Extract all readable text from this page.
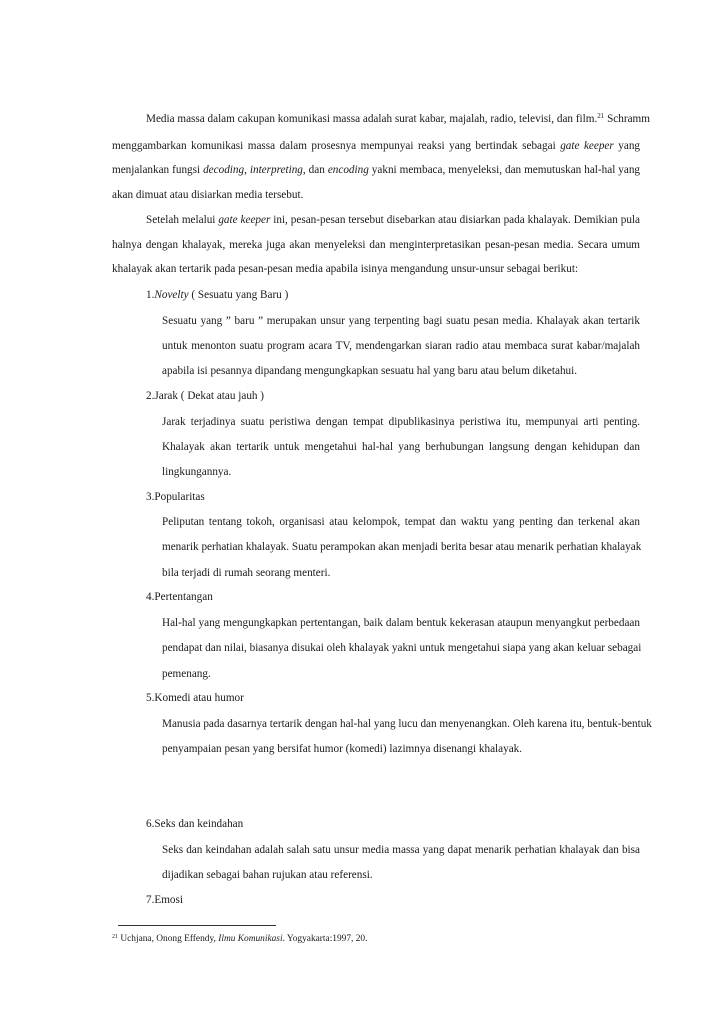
Media massa dalam cakupan komunikasi massa adalah surat kabar, majalah, radio, televisi, dan film.$^{21}$ Schramm
menggambarkan komunikasi massa dalam prosesnya mempunyai reaksi yang bertindak sebagai gate keeper yang
menjalankan fungsi decoding, interpreting, dan encoding yakni membaca, menyeleksi, dan memutuskan hal-hal yang
akan dimuat atau disiarkan media tersebut.
Setelah melalui gate keeper ini, pesan-pesan tersebut disebarkan atau disiarkan pada khalayak. Demikian pula
halnya dengan khalayak, mereka juga akan menyeleksi dan menginterpretasikan pesan-pesan media. Secara umum
khalayak akan tertarik pada pesan-pesan media apabila isinya mengandung unsur-unsur sebagai berikut:
1.Novelty ( Sesuatu yang Baru )
Sesuatu yang ” baru ” merupakan unsur yang terpenting bagi suatu pesan media. Khalayak akan tertarik
untuk menonton suatu program acara TV, mendengarkan siaran radio atau membaca surat kabar/majalah
apabila isi pesannya dipandang mengungkapkan sesuatu hal yang baru atau belum diketahui.
2.Jarak ( Dekat atau jauh )
Jarak terjadinya suatu peristiwa dengan tempat dipublikasinya peristiwa itu, mempunyai arti penting.
Khalayak akan tertarik untuk mengetahui hal-hal yang berhubungan langsung dengan kehidupan dan
lingkungannya.
3.Popularitas
Peliputan tentang tokoh, organisasi atau kelompok, tempat dan waktu yang penting dan terkenal akan
menarik perhatian khalayak. Suatu perampokan akan menjadi berita besar atau menarik perhatian khalayak
bila terjadi di rumah seorang menteri.
4.Pertentangan
Hal-hal yang mengungkapkan pertentangan, baik dalam bentuk kekerasan ataupun menyangkut perbedaan
pendapat dan nilai, biasanya disukai oleh khalayak yakni untuk mengetahui siapa yang akan keluar sebagai
pemenang.
5.Komedi atau humor
Manusia pada dasarnya tertarik dengan hal-hal yang lucu dan menyenangkan. Oleh karena itu, bentuk-bentuk
penyampaian pesan yang bersifat humor (komedi) lazimnya disenangi khalayak.
6.Seks dan keindahan
Seks dan keindahan adalah salah satu unsur media massa yang dapat menarik perhatian khalayak dan bisa
dijadikan sebagai bahan rujukan atau referensi.
7.Emosi
$^{21}$ Uchjana, Onong Effendy, Ilmu Komunikasi. Yogyakarta:1997, 20.
